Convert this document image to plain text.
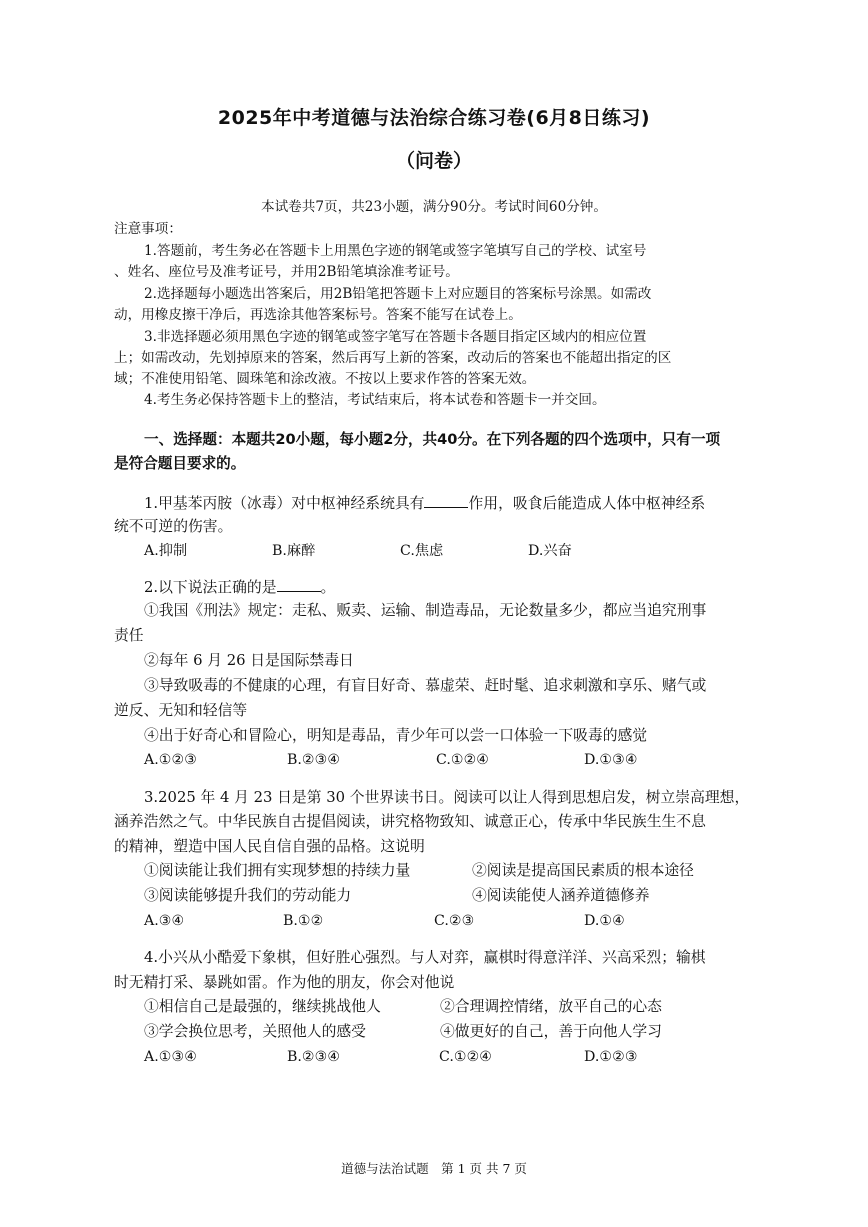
2025年中考道德与法治综合练习卷(6月8日练习)
（问卷）
本试卷共7页，共23小题，满分90分。考试时间60分钟。
注意事项：
1.答题前，考生务必在答题卡上用黑色字迹的钢笔或签字笔填写自己的学校、试室号
、姓名、座位号及准考证号，并用2B铅笔填涂准考证号。
2.选择题每小题选出答案后，用2B铅笔把答题卡上对应题目的答案标号涂黑。如需改
动，用橡皮擦干净后，再选涂其他答案标号。答案不能写在试卷上。
3.非选择题必须用黑色字迹的钢笔或签字笔写在答题卡各题目指定区域内的相应位置
上；如需改动，先划掉原来的答案，然后再写上新的答案，改动后的答案也不能超出指定的区
域；不准使用铅笔、圆珠笔和涂改液。不按以上要求作答的答案无效。
4.考生务必保持答题卡上的整洁，考试结束后，将本试卷和答题卡一并交回。
一、选择题：本题共20小题，每小题2分，共40分。在下列各题的四个选项中，只有一项
是符合题目要求的。
1.甲基苯丙胺（冰毒）对中枢神经系统具有	作用，吸食后能造成人体中枢神经系
统不可逆的伤害。
A.抑制	B.麻醉	C.焦虑	D.兴奋
2.以下说法正确的是	。
①我国《刑法》规定：走私、贩卖、运输、制造毒品，无论数量多少，都应当追究刑事
责任
②每年 6 月 26 日是国际禁毒日
③导致吸毒的不健康的心理，有盲目好奇、慕虚荣、赶时髦、追求刺激和享乐、赌气或
逆反、无知和轻信等
④出于好奇心和冒险心，明知是毒品，青少年可以尝一口体验一下吸毒的感觉
A.①②③	B.②③④	C.①②④	D.①③④
3.2025 年 4 月 23 日是第 30 个世界读书日。阅读可以让人得到思想启发，树立崇高理想，
涵养浩然之气。中华民族自古提倡阅读，讲究格物致知、诚意正心，传承中华民族生生不息
的精神，塑造中国人民自信自强的品格。这说明
①阅读能让我们拥有实现梦想的持续力量	②阅读是提高国民素质的根本途径
③阅读能够提升我们的劳动能力	④阅读能使人涵养道德修养
A.③④	B.①②	C.②③	D.①④
4.小兴从小酷爱下象棋，但好胜心强烈。与人对弈，赢棋时得意洋洋、兴高采烈；输棋
时无精打采、暴跳如雷。作为他的朋友，你会对他说
①相信自己是最强的，继续挑战他人	②合理调控情绪，放平自己的心态
③学会换位思考，关照他人的感受	④做更好的自己，善于向他人学习
A.①③④	B.②③④	C.①②④	D.①②③
道德与法治试题　第 1 页 共 7 页
